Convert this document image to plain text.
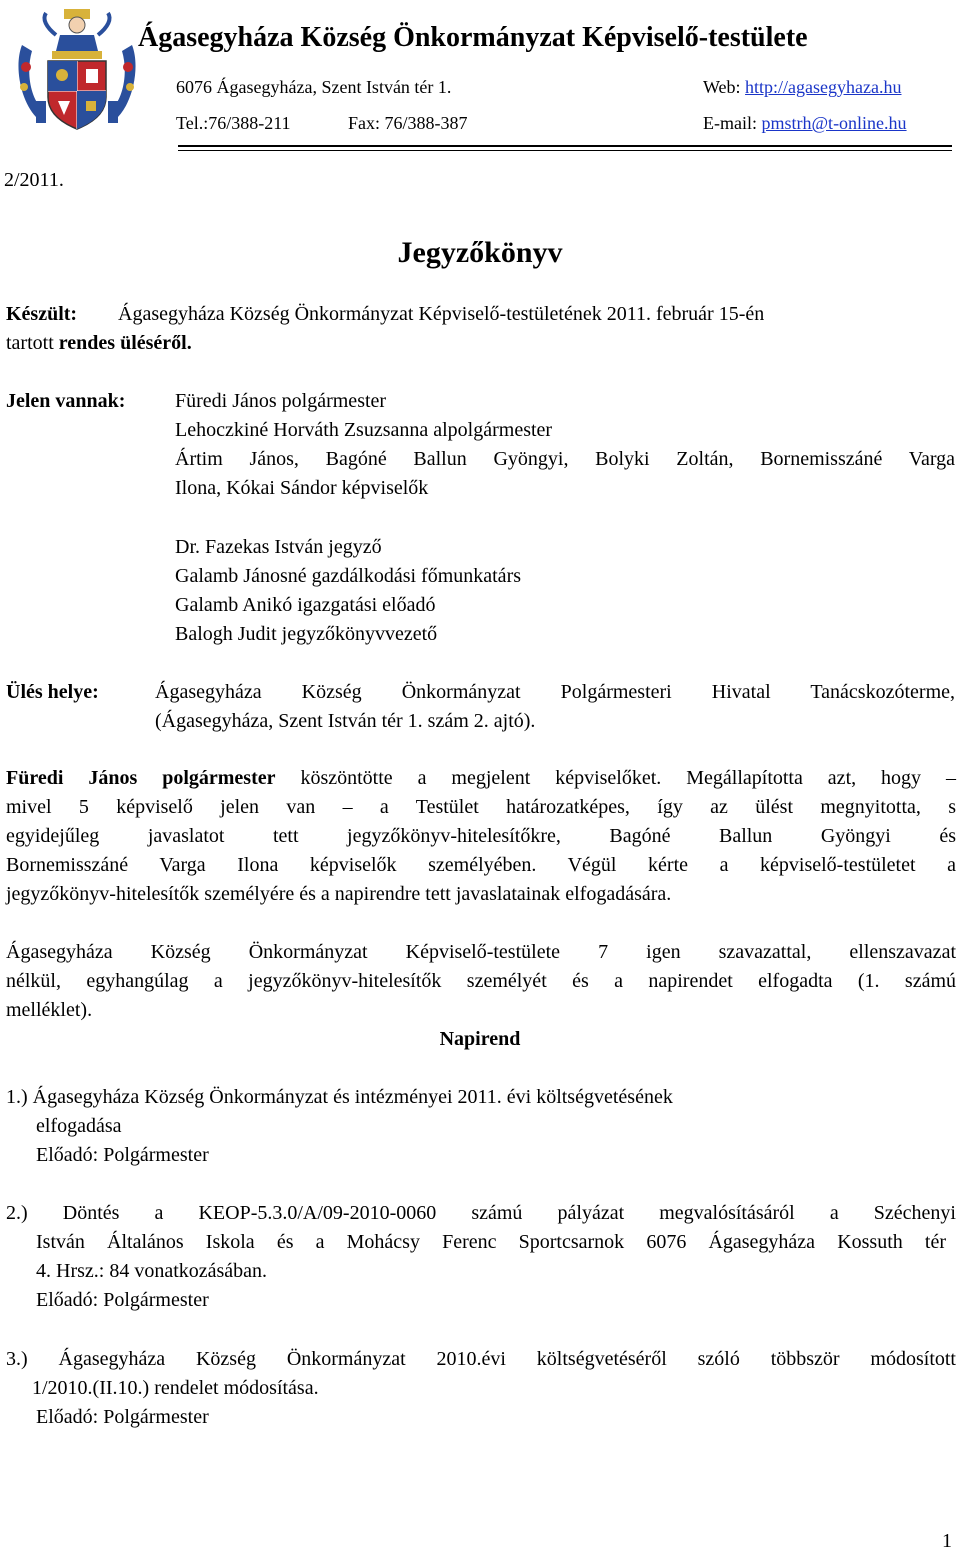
Ágasegyháza Község Önkormányzat Képviselő-testülete
6076 Ágasegyháza, Szent István tér 1.	Web: http://agasegyhaza.hu
Tel.:76/388-211	Fax: 76/388-387	E-mail: pmstrh@t-online.hu
2/2011.
Jegyzőkönyv
Készült: Ágasegyháza Község Önkormányzat Képviselő-testületének 2011. február 15-én
tartott rendes üléséről.
Jelen vannak: Füredi János polgármester
Lehoczkiné Horváth Zsuzsanna alpolgármester
Ártim János, Bagóné Ballun Gyöngyi, Bolyki Zoltán, Bornemisszáné Varga
Ilona, Kókai Sándor képviselők
Dr. Fazekas István jegyző
Galamb Jánosné gazdálkodási főmunkatárs
Galamb Anikó igazgatási előadó
Balogh Judit jegyzőkönyvvezető
Ülés helye:	Ágasegyháza Község Önkormányzat Polgármesteri Hivatal Tanácskozóterme,
(Ágasegyháza, Szent István tér 1. szám 2. ajtó).
Füredi János polgármester köszöntötte a megjelent képviselőket. Megállapította azt, hogy –
mivel 5 képviselő jelen van – a Testület határozatképes, így az ülést megnyitotta, s
egyidejűleg javaslatot tett jegyzőkönyv-hitelesítőkre, Bagóné Ballun Gyöngyi és
Bornemisszáné Varga Ilona képviselők személyében. Végül kérte a képviselő-testületet a
jegyzőkönyv-hitelesítők személyére és a napirendre tett javaslatainak elfogadására.
Ágasegyháza Község Önkormányzat Képviselő-testülete 7 igen szavazattal, ellenszavazat
nélkül, egyhangúlag a jegyzőkönyv-hitelesítők személyét és a napirendet elfogadta (1. számú
melléklet).
Napirend
1.) Ágasegyháza Község Önkormányzat és intézményei 2011. évi költségvetésének
elfogadása
Előadó: Polgármester
2.) Döntés a KEOP-5.3.0/A/09-2010-0060 számú pályázat megvalósításáról a Széchenyi
István Általános Iskola és a Mohácsy Ferenc Sportcsarnok 6076 Ágasegyháza Kossuth tér
4. Hrsz.: 84 vonatkozásában.
Előadó: Polgármester
3.) Ágasegyháza Község Önkormányzat 2010.évi költségvetéséről szóló többször módosított
1/2010.(II.10.) rendelet módosítása.
Előadó: Polgármester
1
